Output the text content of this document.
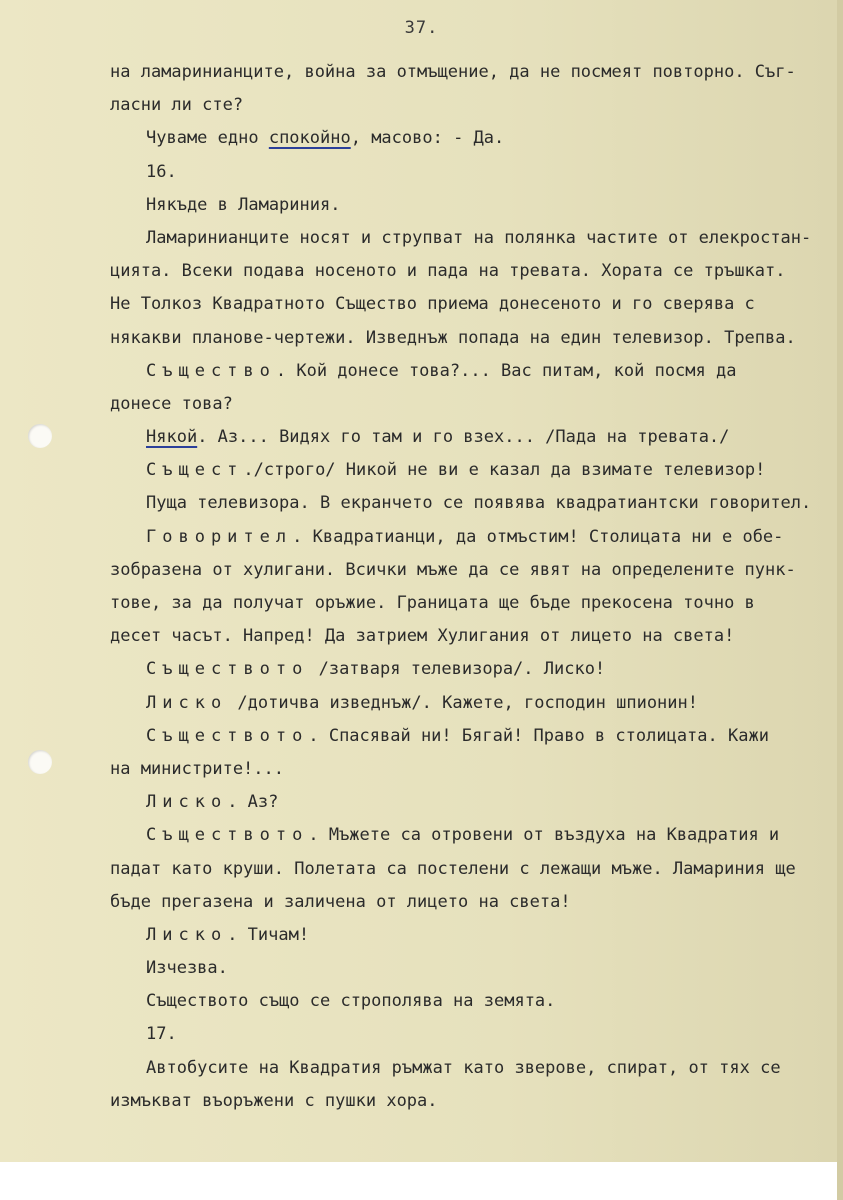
37.
на ламаринианците, война за отмъщение, да не посмеят повторно. Съг-
ласни ли сте?
Чуваме едно спокойно, масово: - Да.
16.
Някъде в Ламариния.
Ламаринианците носят и струпват на полянка частите от елекростан-
цията. Всеки подава носеното и пада на тревата. Хората се тръшкат.
Не Толкоз Квадратното Същество приема донесеното и го сверява с
някакви планове-чертежи. Изведнъж попада на един телевизор. Трепва.
Същество. Кой донесе това?... Вас питам, кой посмя да
донесе това?
Някой. Аз... Видях го там и го взех... /Пада на тревата./
Същест./строго/ Никой не ви е казал да взимате телевизор!
Пуща телевизора. В екранчето се появява квадратиантски говорител.
Говорител. Квадратианци, да отмъстим! Столицата ни е обе-
зобразена от хулигани. Всички мъже да се явят на определените пунк-
тове, за да получат оръжие. Границата ще бъде прекосена точно в
десет часът. Напред! Да затрием Хулигания от лицето на света!
Съществото /затваря телевизора/. Лиско!
Лиско /дотичва изведнъж/. Кажете, господин шпионин!
Съществото. Спасявай ни! Бягай! Право в столицата. Кажи
на министрите!...
Лиско. Аз?
Съществото. Мъжете са отровени от въздуха на Квадратия и
падат като круши. Полетата са постелени с лежащи мъже. Ламариния ще
бъде прегазена и заличена от лицето на света!
Лиско. Тичам!
Изчезва.
Съществото също се строполява на земята.
17.
Автобусите на Квадратия ръмжат като зверове, спират, от тях се
измъкват въоръжени с пушки хора.
